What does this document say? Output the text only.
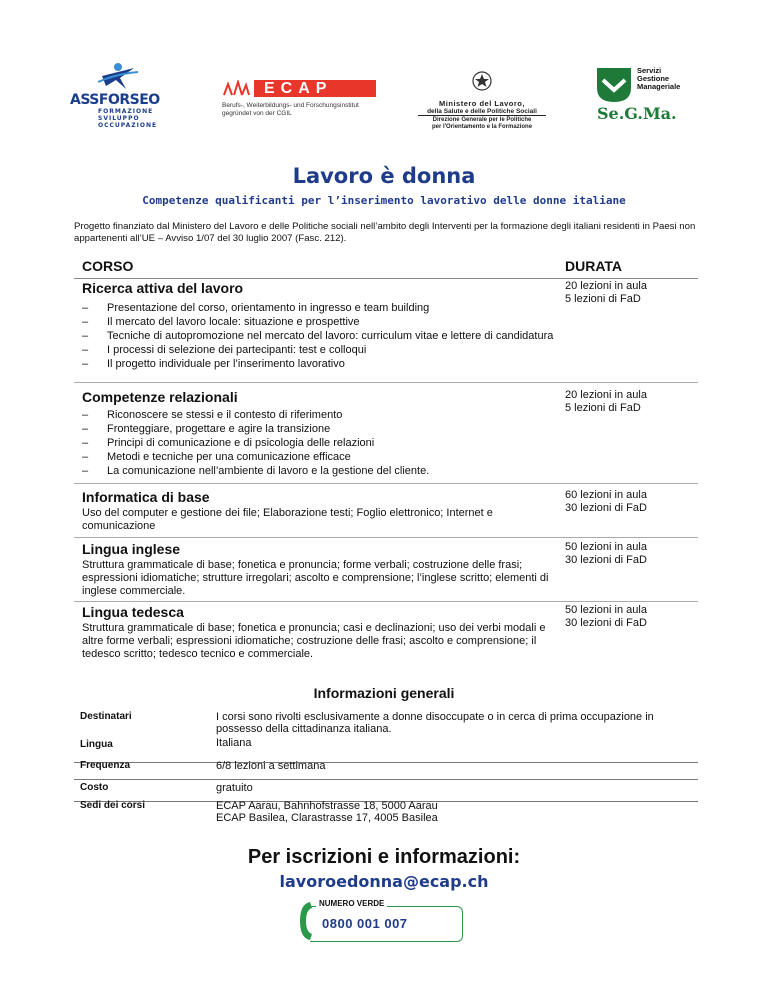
ASSFORSEO
FORMAZIONE
SVILUPPO
OCCUPAZIONE
ECAP
Berufs-, Weiterbildungs- und Forschungsinstitut
gegründet von der CGIL
Ministero del Lavoro,
della Salute e delle Politiche Sociali
Direzione Generale per le Politiche
per l'Orientamento e la Formazione
Servizi
Gestione
Manageriale
Se.G.Ma.
Lavoro è donna
Competenze qualificanti per l’inserimento lavorativo delle donne italiane
Progetto finanziato dal Ministero del Lavoro e delle Politiche sociali nell’ambito degli Interventi per la formazione degli italiani residenti in Paesi non appartenenti all’UE – Avviso 1/07 del 30 luglio 2007 (Fasc. 212).
CORSO	DURATA
Ricerca attiva del lavoro	20 lezioni in aula
5 lezioni di FaD
– Presentazione del corso, orientamento in ingresso e team building
– Il mercato del lavoro locale: situazione e prospettive
– Tecniche di autopromozione nel mercato del lavoro: curriculum vitae e lettere di candidatura
– I processi di selezione dei partecipanti: test e colloqui
– Il progetto individuale per l’inserimento lavorativo
Competenze relazionali	20 lezioni in aula
5 lezioni di FaD
– Riconoscere se stessi e il contesto di riferimento
– Fronteggiare, progettare e agire la transizione
– Principi di comunicazione e di psicologia delle relazioni
– Metodi e tecniche per una comunicazione efficace
– La comunicazione nell’ambiente di lavoro e la gestione del cliente.
Informatica di base	60 lezioni in aula
30 lezioni di FaD
Uso del computer e gestione dei file; Elaborazione testi; Foglio elettronico; Internet e comunicazione
Lingua inglese	50 lezioni in aula
30 lezioni di FaD
Struttura grammaticale di base; fonetica e pronuncia; forme verbali; costruzione delle frasi; espressioni idiomatiche; strutture irregolari; ascolto e comprensione; l’inglese scritto; elementi di inglese commerciale.
Lingua tedesca	50 lezioni in aula
30 lezioni di FaD
Struttura grammaticale di base; fonetica e pronuncia; casi e declinazioni; uso dei verbi modali e altre forme verbali; espressioni idiomatiche; costruzione delle frasi; ascolto e comprensione; il tedesco scritto; tedesco tecnico e commerciale.
Informazioni generali
Destinatari	I corsi sono rivolti esclusivamente a donne disoccupate o in cerca di prima occupazione in possesso della cittadinanza italiana.
Lingua	Italiana
Frequenza	6/8 lezioni a settimana
Costo	gratuito
Sedi dei corsi	ECAP Aarau, Bahnhofstrasse 18, 5000 Aarau
ECAP Basilea, Clarastrasse 17, 4005 Basilea
Per iscrizioni e informazioni:
lavoroedonna@ecap.ch
NUMERO VERDE
0800 001 007
